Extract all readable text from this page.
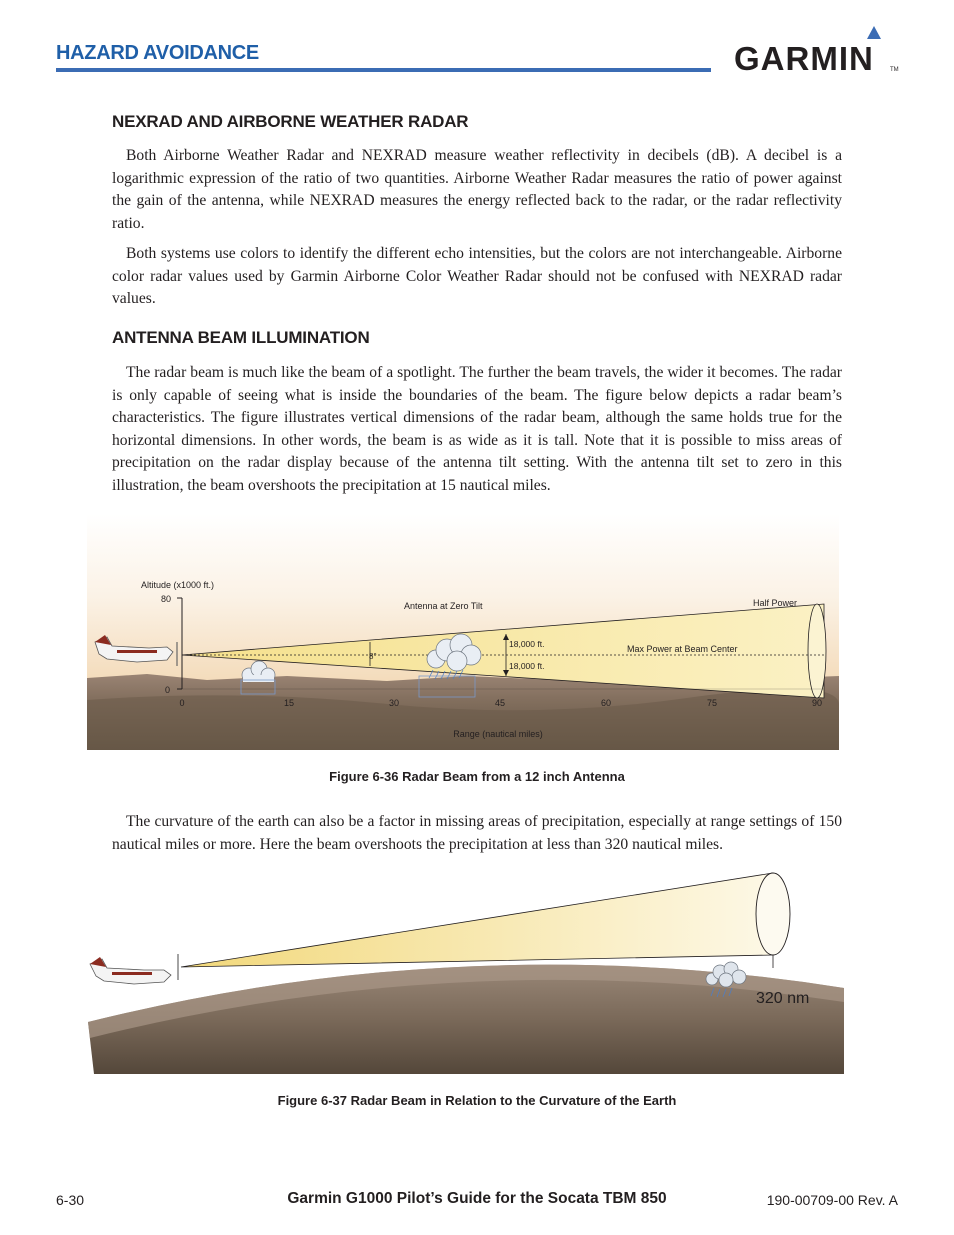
HAZARD AVOIDANCE	GARMIN	TM
NEXRAD AND AIRBORNE WEATHER RADAR
Both Airborne Weather Radar and NEXRAD measure weather reflectivity in decibels (dB). A decibel is a logarithmic expression of the ratio of two quantities. Airborne Weather Radar measures the ratio of power against the gain of the antenna, while NEXRAD measures the energy reflected back to the radar, or the radar reflectivity ratio.
Both systems use colors to identify the different echo intensities, but the colors are not interchangeable. Airborne color radar values used by Garmin Airborne Color Weather Radar should not be confused with NEXRAD radar values.
ANTENNA BEAM ILLUMINATION
The radar beam is much like the beam of a spotlight. The further the beam travels, the wider it becomes. The radar is only capable of seeing what is inside the boundaries of the beam. The figure below depicts a radar beam’s characteristics. The figure illustrates vertical dimensions of the radar beam, although the same holds true for the horizontal dimensions. In other words, the beam is as wide as it is tall. Note that it is possible to miss areas of precipitation on the radar display because of the antenna tilt setting. With the antenna tilt set to zero in this illustration, the beam overshoots the precipitation at 15 nautical miles.
Altitude (x1000 ft.)
80
0
Antenna at Zero Tilt	Half Power
Max Power at Beam Center
8°
18,000 ft.
18,000 ft.
0	15	30	45	60	75	90
Range (nautical miles)
Figure 6-36 Radar Beam from a 12 inch Antenna
The curvature of the earth can also be a factor in missing areas of precipitation, especially at range settings of 150 nautical miles or more. Here the beam overshoots the precipitation at less than 320 nautical miles.
320 nm
Figure 6-37 Radar Beam in Relation to the Curvature of the Earth
6-30	Garmin G1000 Pilot’s Guide for the Socata TBM 850	190-00709-00 Rev. A
